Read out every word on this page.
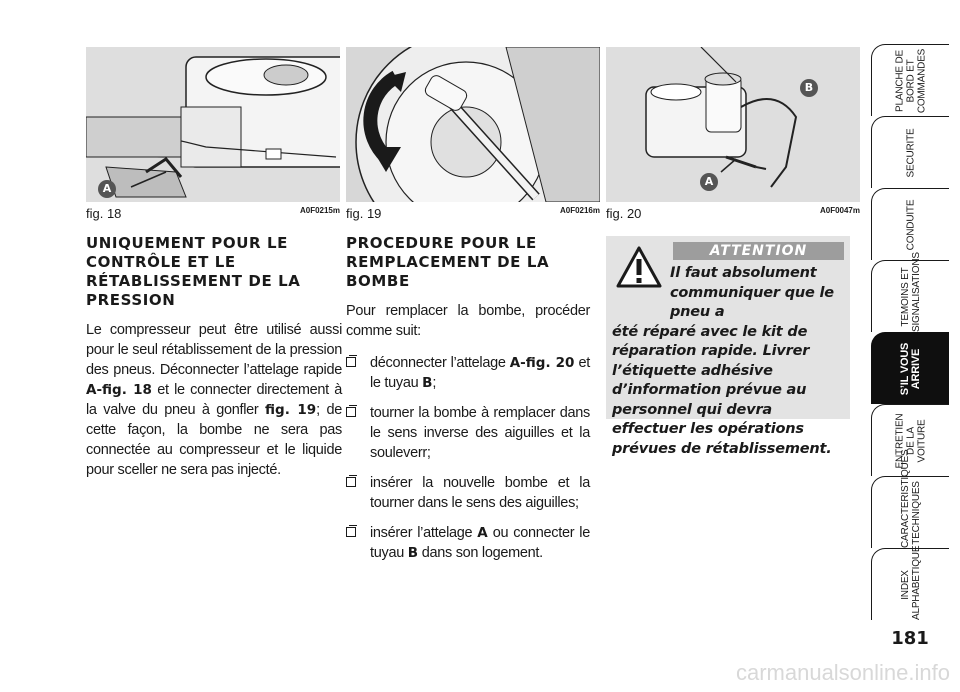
A
fig. 18	A0F0215m fig. 19	A0F0216m
A
B
fig. 20	A0F0047m
UNIQUEMENT POUR LE CONTRÔLE ET LE RÉTABLISSEMENT DE LA PRESSION

Le compresseur peut être utilisé aussi pour le seul rétablissement de la pression des pneus. Déconnecter l’attelage rapide A-fig. 18 et le connecter directement à la valve du pneu à gonfler fig. 19; de cette façon, la bombe ne sera pas connectée au compresseur et le liquide pour sceller ne sera pas injecté.

PROCEDURE POUR LE REMPLACEMENT DE LA BOMBE

Pour remplacer la bombe, procéder comme suit:

déconnecter l’attelage A-fig. 20 et le tuyau B;
tourner la bombe à remplacer dans le sens inverse des aiguilles et la souleverr;
insérer la nouvelle bombe et la tourner dans le sens des aiguilles;
insérer l’attelage A ou connecter le tuyau B dans son logement.
ATTENTION

Il faut absolument communiquer que le pneu a
été réparé avec le kit de réparation rapide. Livrer l’étiquette adhésive d’information prévue au personnel qui devra effectuer les opérations prévues de rétablissement.

PLANCHE DE BORD ET COMMANDES
SECURITE
CONDUITE
TEMOINS ET SIGNALISATIONS
S’IL VOUS ARRIVE
ENTRETIEN DE LA VOITURE
CARACTERISTIQUES TECHNIQUES
INDEX ALPHABETIQUE
181
carmanualsonline.info
